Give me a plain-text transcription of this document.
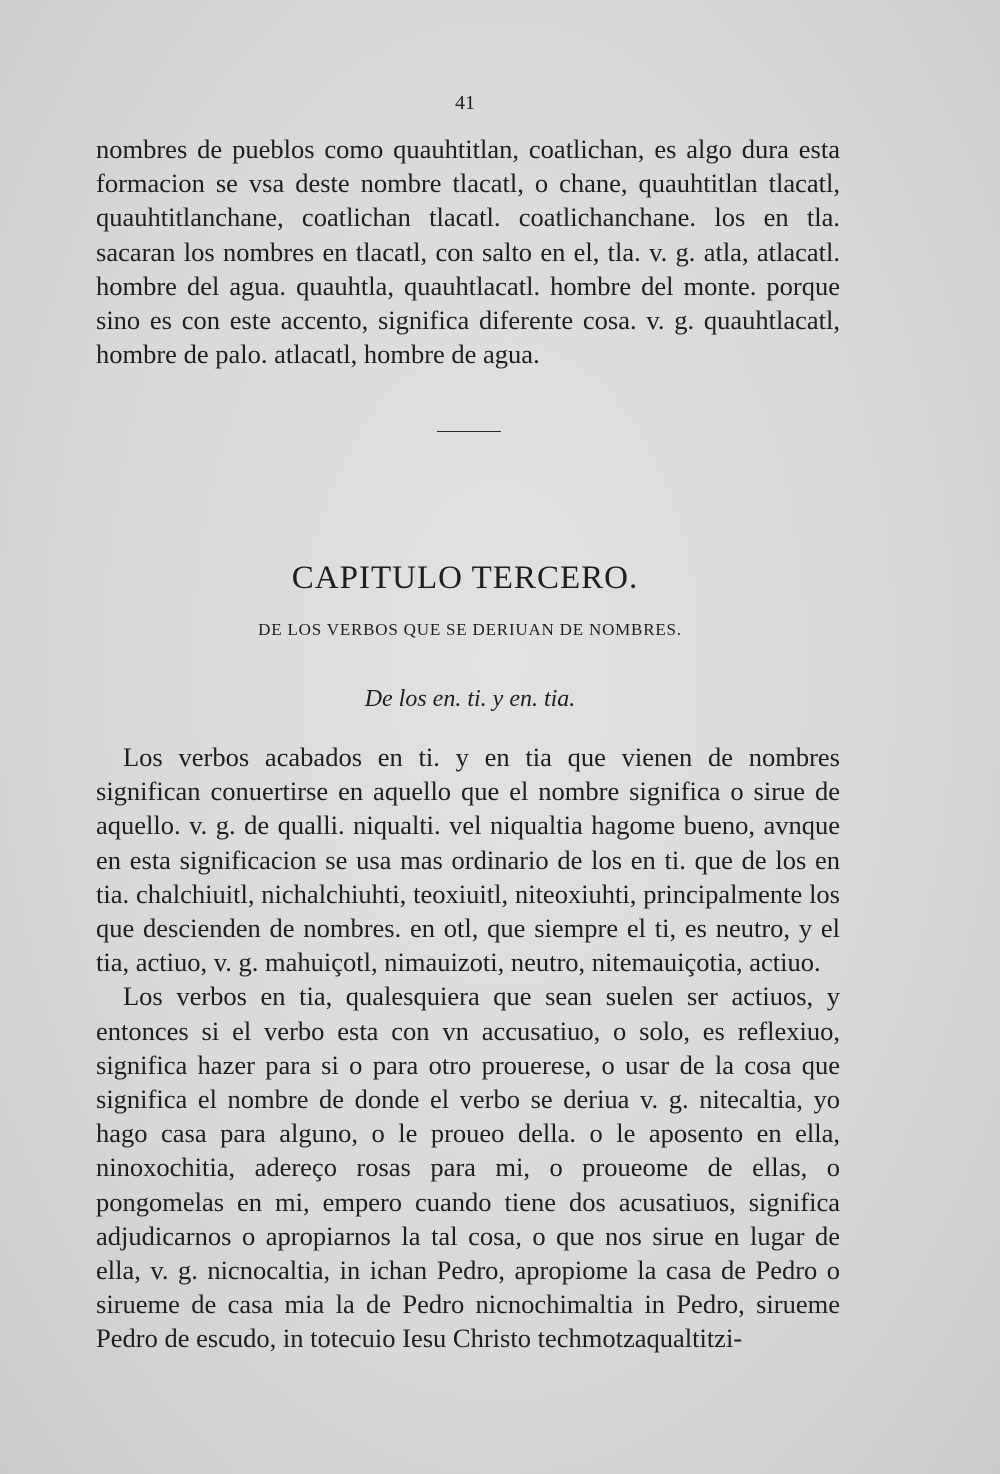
41

nombres de pueblos como quauhtitlan, coatlichan, es algo dura esta formacion se vsa deste nombre tlacatl, o chane, quauhtitlan tlacatl, quauhtitlanchane, coatlichan tlacatl. coatlichanchane. los en tla. sacaran los nombres en tlacatl, con salto en el, tla. v. g. atla, atlacatl. hombre del agua. quauhtla, quauhtlacatl. hombre del monte. porque sino es con este accento, significa diferente cosa. v. g. quauhtlacatl, hombre de palo. atlacatl, hombre de agua.

CAPITULO TERCERO.
DE LOS VERBOS QUE SE DERIUAN DE NOMBRES.
De los en. ti. y en. tia.

Los verbos acabados en ti. y en tia que vienen de nombres significan conuertirse en aquello que el nombre significa o sirue de aquello. v. g. de qualli. niqualti. vel niqualtia hagome bueno, avnque en esta significacion se usa mas ordinario de los en ti. que de los en tia. chalchiuitl, nichalchiuhti, teoxiuitl, niteoxiuhti, principalmente los que descienden de nombres. en otl, que siempre el ti, es neutro, y el tia, actiuo, v. g. mahuiçotl, nimauizoti, neutro, nitemauiçotia, actiuo.

Los verbos en tia, qualesquiera que sean suelen ser actiuos, y entonces si el verbo esta con vn accusatiuo, o solo, es reflexiuo, significa hazer para si o para otro prouerese, o usar de la cosa que significa el nombre de donde el verbo se deriua v. g. nitecaltia, yo hago casa para alguno, o le proueo della. o le aposento en ella, ninoxochitia, adereço rosas para mi, o proueome de ellas, o pongomelas en mi, empero cuando tiene dos acusatiuos, significa adjudicarnos o apropiarnos la tal cosa, o que nos sirue en lugar de ella, v. g. nicnocaltia, in ichan Pedro, apropiome la casa de Pedro o sirueme de casa mia la de Pedro nicnochimaltia in Pedro, sirueme Pedro de escudo, in totecuio Iesu Christo techmotzaqualtitzi-
